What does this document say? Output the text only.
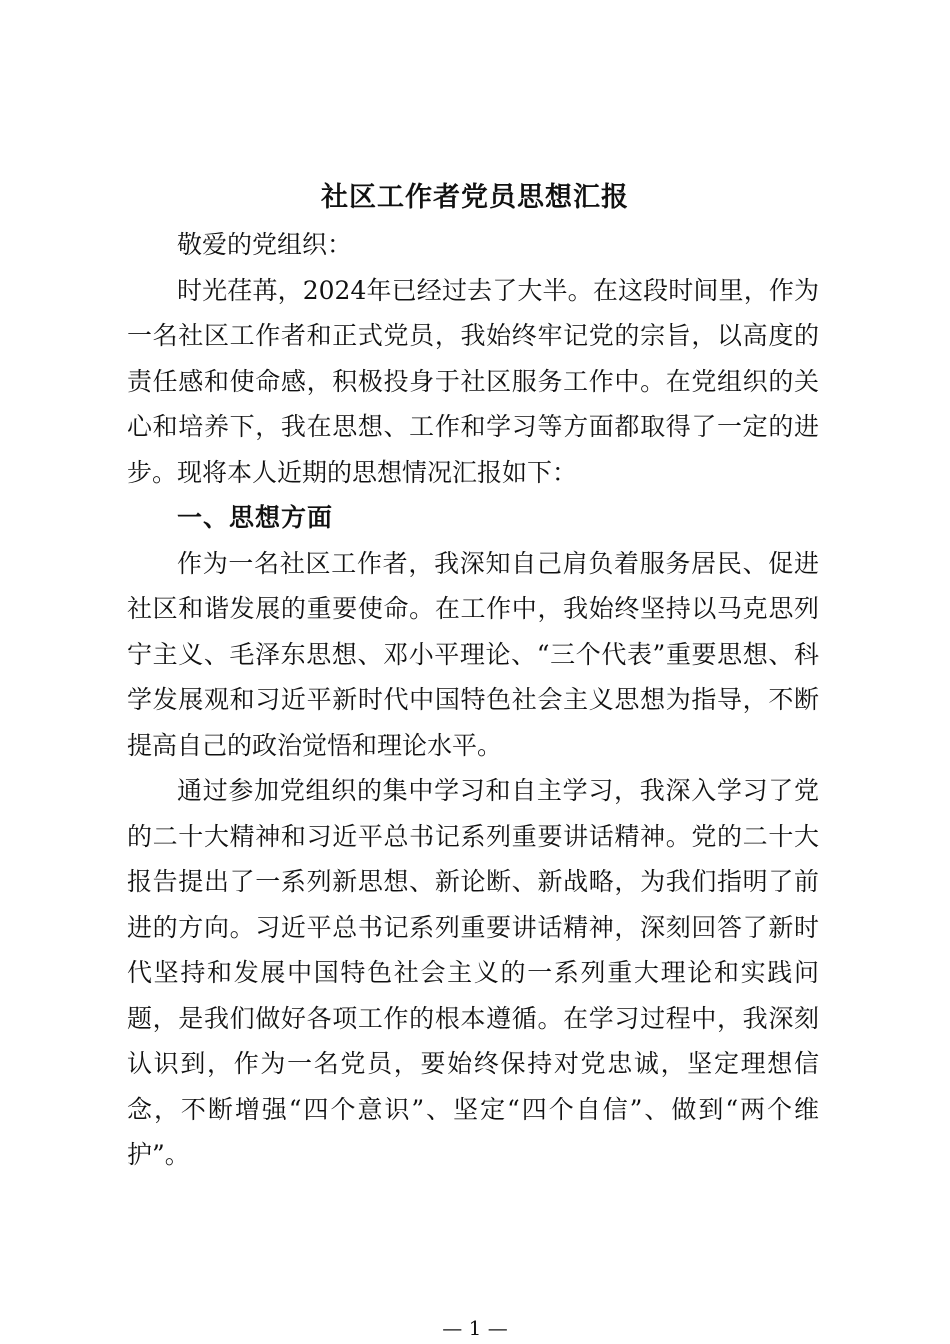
社区工作者党员思想汇报

敬爱的党组织：

时光荏苒，2024年已经过去了大半。在这段时间里，作为一名社区工作者和正式党员，我始终牢记党的宗旨，以高度的责任感和使命感，积极投身于社区服务工作中。在党组织的关心和培养下，我在思想、工作和学习等方面都取得了一定的进步。现将本人近期的思想情况汇报如下：

一、思想方面

作为一名社区工作者，我深知自己肩负着服务居民、促进社区和谐发展的重要使命。在工作中，我始终坚持以马克思列宁主义、毛泽东思想、邓小平理论、“三个代表”重要思想、科学发展观和习近平新时代中国特色社会主义思想为指导，不断提高自己的政治觉悟和理论水平。

通过参加党组织的集中学习和自主学习，我深入学习了党的二十大精神和习近平总书记系列重要讲话精神。党的二十大报告提出了一系列新思想、新论断、新战略，为我们指明了前进的方向。习近平总书记系列重要讲话精神，深刻回答了新时代坚持和发展中国特色社会主义的一系列重大理论和实践问题，是我们做好各项工作的根本遵循。在学习过程中，我深刻认识到，作为一名党员，要始终保持对党忠诚，坚定理想信念，不断增强“四个意识”、坚定“四个自信”、做到“两个维护”。

— 1 —
